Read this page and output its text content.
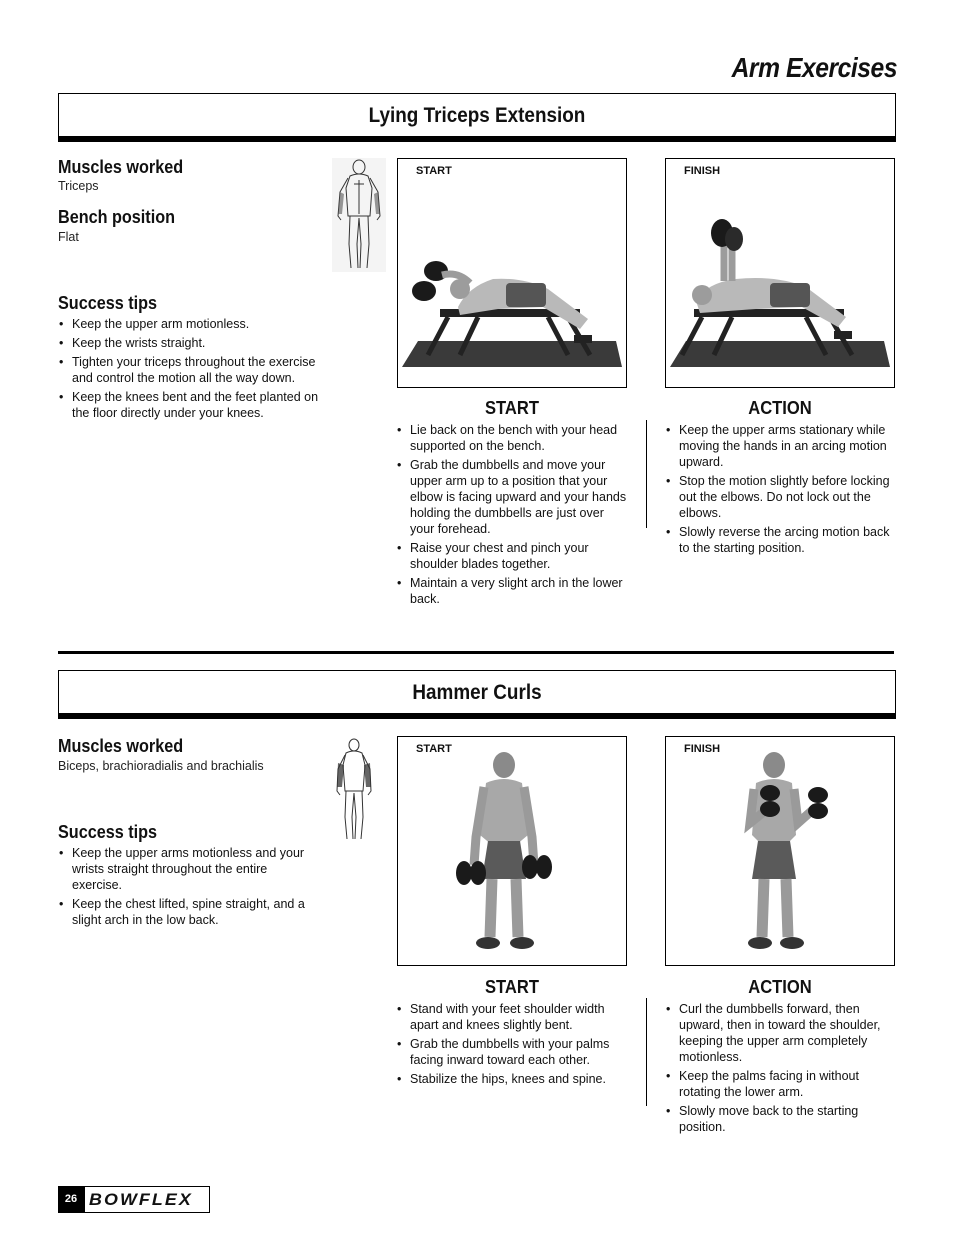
Arm Exercises
Lying Triceps Extension
Muscles worked
Triceps
Bench position
Flat
Success tips
• Keep the upper arm motionless.
• Keep the wrists straight.
• Tighten your triceps throughout the exercise and control the motion all the way down.
• Keep the knees bent and the feet planted on the floor directly under your knees.
START	FINISH
START
• Lie back on the bench with your head supported on the bench.
• Grab the dumbbells and move your upper arm up to a position that your elbow is facing upward and your hands holding the dumbbells are just over your forehead.
• Raise your chest and pinch your shoulder blades together.
• Maintain a very slight arch in the lower back.
ACTION
• Keep the upper arms stationary while moving the hands in an arcing motion upward.
• Stop the motion slightly before locking out the elbows. Do not lock out the elbows.
• Slowly reverse the arcing motion back to the starting position.
Hammer Curls
Muscles worked
Biceps, brachioradialis and brachialis
Success tips
• Keep the upper arms motionless and your wrists straight throughout the entire exercise.
• Keep the chest lifted, spine straight, and a slight arch in the low back.
START	FINISH
START
• Stand with your feet shoulder width apart and knees slightly bent.
• Grab the dumbbells with your palms facing inward toward each other.
• Stabilize the hips, knees and spine.
ACTION
• Curl the dumbbells forward, then upward, then in toward the shoulder, keeping the upper arm completely motionless.
• Keep the palms facing in without rotating the lower arm.
• Slowly move back to the starting position.
26 BOWFLEX
